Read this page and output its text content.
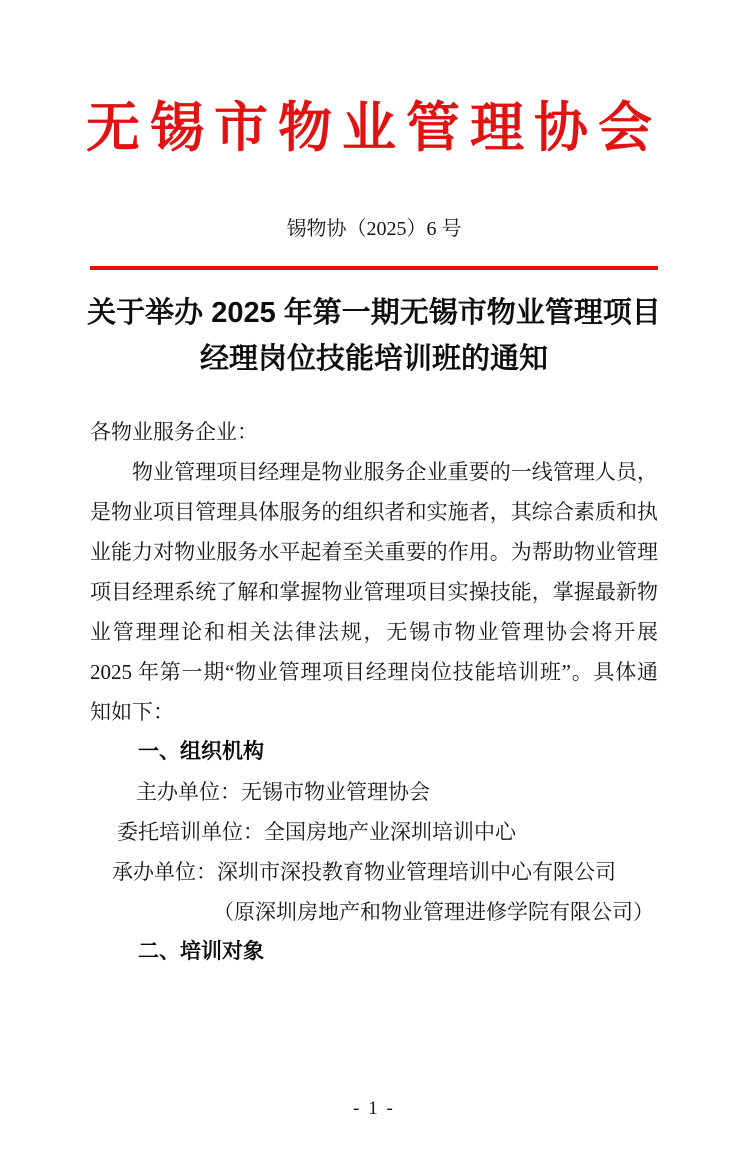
无锡市物业管理协会
锡物协（2025）6 号
关于举办 2025 年第一期无锡市物业管理项目
经理岗位技能培训班的通知

各物业服务企业：

物业管理项目经理是物业服务企业重要的一线管理人员，是物业项目管理具体服务的组织者和实施者，其综合素质和执业能力对物业服务水平起着至关重要的作用。为帮助物业管理项目经理系统了解和掌握物业管理项目实操技能，掌握最新物业管理理论和相关法律法规，无锡市物业管理协会将开展 2025 年第一期“物业管理项目经理岗位技能培训班”。具体通知如下：

一、组织机构

主办单位：无锡市物业管理协会

委托培训单位：全国房地产业深圳培训中心

承办单位：深圳市深投教育物业管理培训中心有限公司

（原深圳房地产和物业管理进修学院有限公司）

二、培训对象

- 1 -
